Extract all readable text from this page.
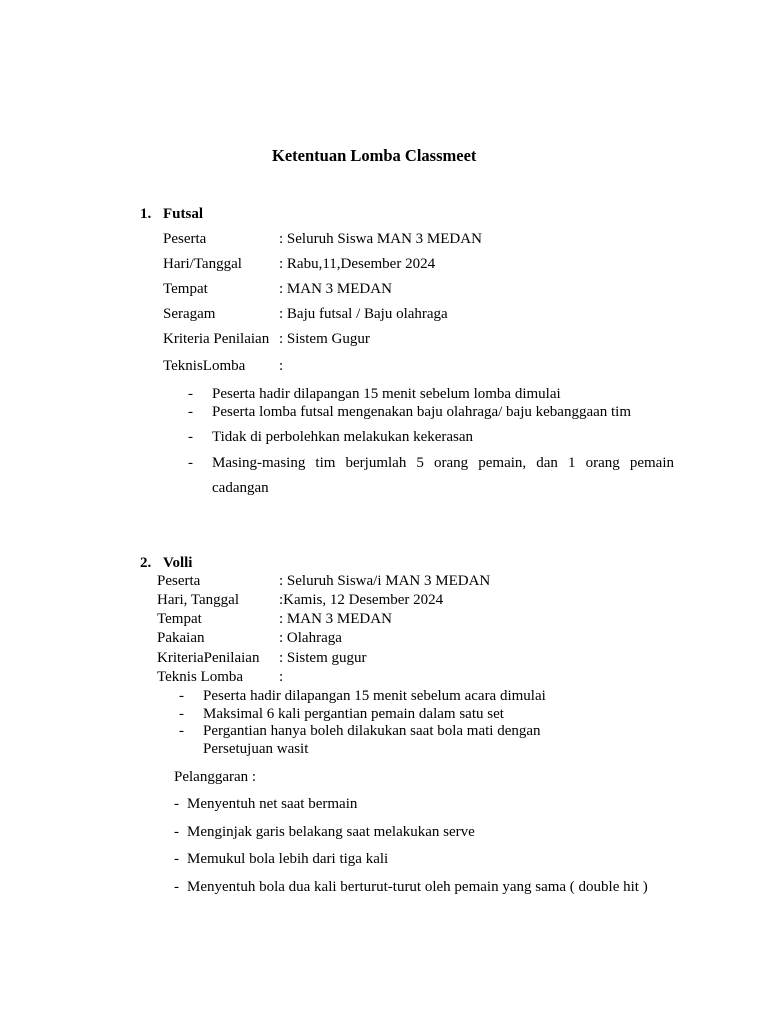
Ketentuan Lomba Classmeet
1. Futsal
Peserta	: Seluruh Siswa MAN 3 MEDAN
Hari/Tanggal : Rabu,11,Desember 2024
Tempat	: MAN 3 MEDAN
Seragam	: Baju futsal / Baju olahraga
Kriteria Penilaian : Sistem Gugur
TeknisLomba :
- Peserta hadir dilapangan 15 menit sebelum lomba dimulai
- Peserta lomba futsal mengenakan baju olahraga/ baju kebanggaan tim
- Tidak di perbolehkan melakukan kekerasan
- Masing-masing tim berjumlah 5 orang pemain, dan 1 orang pemain
cadangan
2. Volli
Peserta	: Seluruh Siswa/i MAN 3 MEDAN
Hari, Tanggal	:Kamis, 12 Desember 2024
Tempat	: MAN 3 MEDAN
Pakaian	: Olahraga
KriteriaPenilaian : Sistem gugur
Teknis Lomba :
- Peserta hadir dilapangan 15 menit sebelum acara dimulai
- Maksimal 6 kali pergantian pemain dalam satu set
- Pergantian hanya boleh dilakukan saat bola mati dengan
Persetujuan wasit
Pelanggaran :
- Menyentuh net saat bermain
- Menginjak garis belakang saat melakukan serve
- Memukul bola lebih dari tiga kali
- Menyentuh bola dua kali berturut-turut oleh pemain yang sama ( double hit )
